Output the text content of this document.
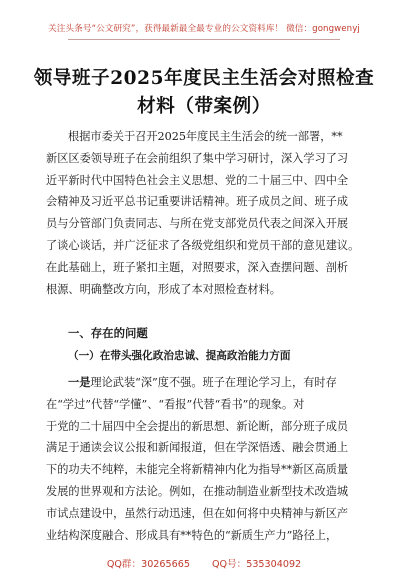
关注头条号“公文研究”，获得最新最全最专业的公文资料库！ 微信：gongwenyj
领导班子2025年度民主生活会对照检查
材料（带案例）
根据市委关于召开2025年度民主生活会的统一部署，**
新区区委领导班子在会前组织了集中学习研讨，深入学习了习
近平新时代中国特色社会主义思想、党的二十届三中、四中全
会精神及习近平总书记重要讲话精神。班子成员之间、班子成
员与分管部门负责同志、与所在党支部党员代表之间深入开展
了谈心谈话，并广泛征求了各级党组织和党员干部的意见建议。
在此基础上，班子紧扣主题，对照要求，深入查摆问题、剖析
根源、明确整改方向，形成了本对照检查材料。
一、存在的问题
（一）在带头强化政治忠诚、提高政治能力方面
一是理论武装“深”度不强。班子在理论学习上，有时存
在“学过”代替“学懂”、“看报”代替“看书”的现象。对
于党的二十届四中全会提出的新思想、新论断，部分班子成员
满足于通读会议公报和新闻报道，但在学深悟透、融会贯通上
下的功夫不纯粹，未能完全将新精神内化为指导**新区高质量
发展的世界观和方法论。例如，在推动制造业新型技术改造城
市试点建设中，虽然行动迅速，但在如何将中央精神与新区产
业结构深度融合、形成具有**特色的“新质生产力”路径上，
QQ群：30265665 QQ号：535304092
